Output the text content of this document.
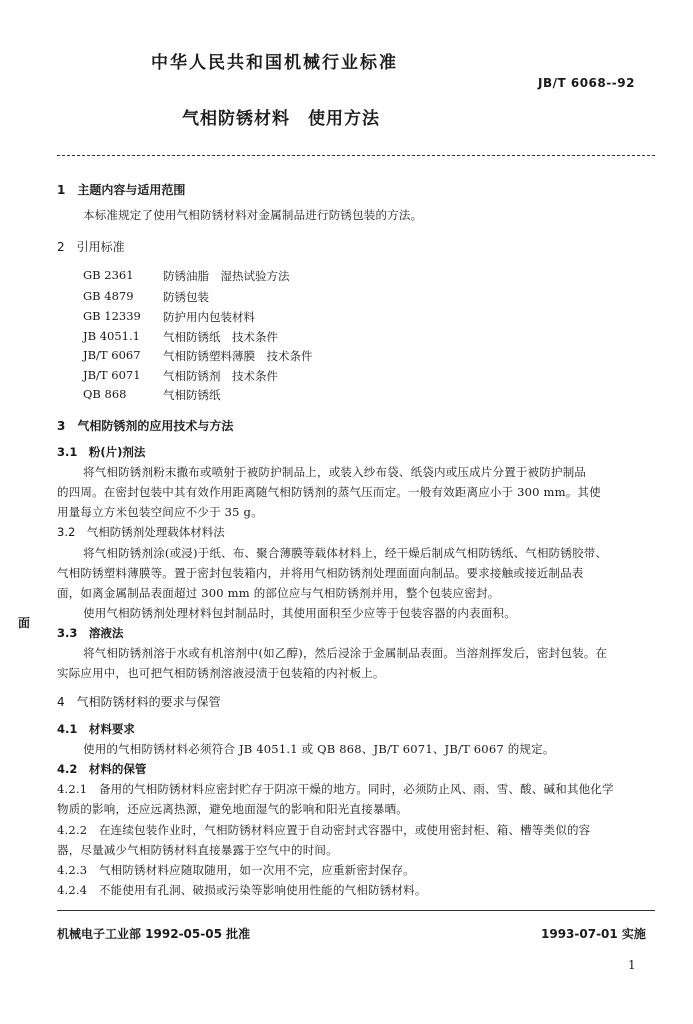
中华人民共和国机械行业标准
JB/T 6068--92
气相防锈材料　使用方法
1　主题内容与适用范围
本标准规定了使用气相防锈材料对金属制品进行防锈包装的方法。
2　引用标准
GB 2361	防锈油脂　湿热试验方法
GB 4879	防锈包装
GB 12339 防护用内包装材料
JB 4051.1 气相防锈纸　技术条件
JB/T 6067 气相防锈塑料薄膜　技术条件
JB/T 6071 气相防锈剂　技术条件
QB 868	气相防锈纸
3　气相防锈剂的应用技术与方法
3.1　粉(片)剂法
将气相防锈剂粉末撒布或喷射于被防护制品上，或装入纱布袋、纸袋内或压成片分置于被防护制品
的四周。在密封包装中其有效作用距离随气相防锈剂的蒸气压而定。一般有效距离应小于 300 mm。其使
用量每立方米包装空间应不少于 35 g。
3.2　气相防锈剂处理载体材料法
将气相防锈剂涂(或浸)于纸、布、聚合薄膜等载体材料上，经干燥后制成气相防锈纸、气相防锈胶带、
气相防锈塑料薄膜等。置于密封包装箱内，并将用气相防锈剂处理面面向制品。要求接触或接近制品表
面，如离金属制品表面超过 300 mm 的部位应与气相防锈剂并用，整个包装应密封。
使用气相防锈剂处理材料包封制品时，其使用面积至少应等于包装容器的内表面积。
面
3.3　溶液法
将气相防锈剂溶于水或有机溶剂中(如乙醇)，然后浸涂于金属制品表面。当溶剂挥发后，密封包装。在
实际应用中，也可把气相防锈剂溶液浸渍于包装箱的内衬板上。
4　气相防锈材料的要求与保管
4.1　材料要求
使用的气相防锈材料必须符合 JB 4051.1 或 QB 868、JB/T 6071、JB/T 6067 的规定。
4.2　材料的保管
4.2.1　备用的气相防锈材料应密封贮存于阴凉干燥的地方。同时，必须防止风、雨、雪、酸、碱和其他化学
物质的影响，还应远离热源，避免地面湿气的影响和阳光直接暴晒。
4.2.2　在连续包装作业时，气相防锈材料应置于自动密封式容器中，或使用密封柜、箱、槽等类似的容
器，尽量减少气相防锈材料直接暴露于空气中的时间。
4.2.3　气相防锈材料应随取随用，如一次用不完，应重新密封保存。
4.2.4　不能使用有孔洞、破损或污染等影响使用性能的气相防锈材料。
机械电子工业部 1992-05-05 批准	1993-07-01 实施
1
